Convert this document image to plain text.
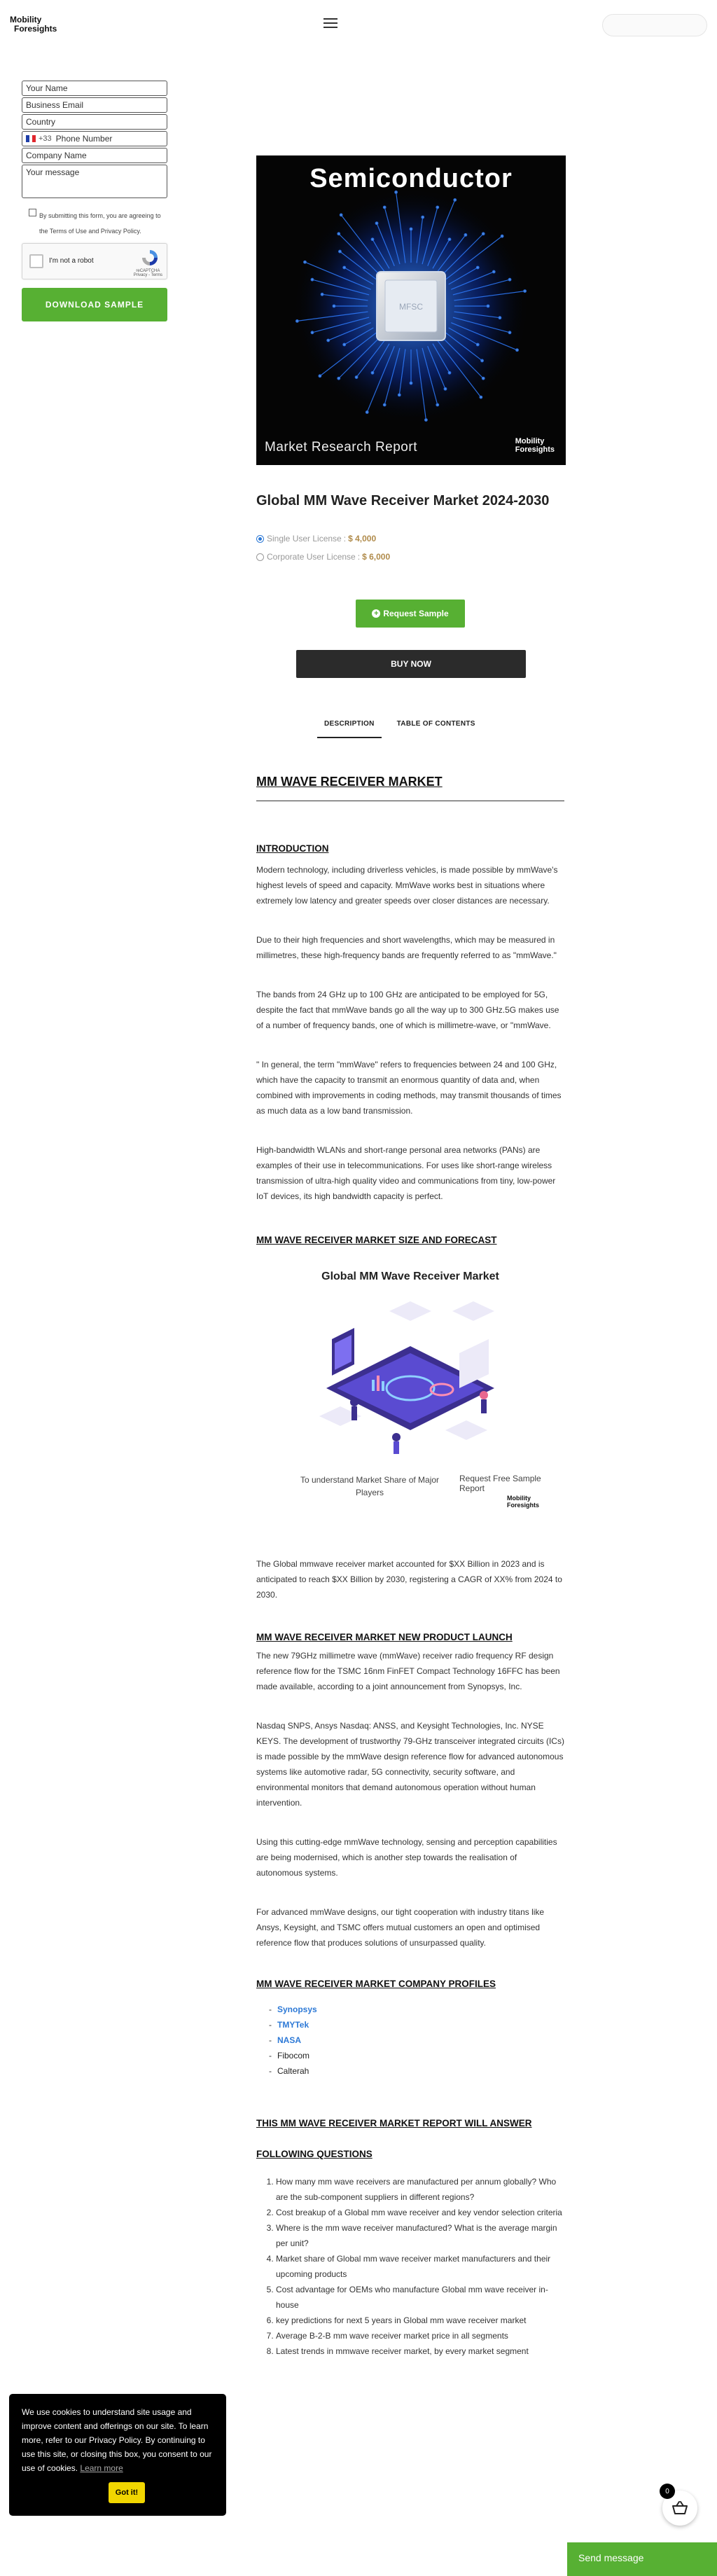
Mobility
Foresights
Your Name
Business Email
Country
+33 Phone Number
Company Name
Your message

By submitting this form, you are agreeing to the Terms of Use and Privacy Policy.

I'm not a robot
reCAPTCHA
Privacy - Terms
DOWNLOAD SAMPLE	MFSC
Semiconductor
Market Research Report	Mobility
Foresights
Global MM Wave Receiver Market 2024-2030
Single User License : $ 4,000
Corporate User License : $ 6,000
+ Request Sample
BUY NOW
DESCRIPTION	TABLE OF CONTENTS
MM WAVE RECEIVER MARKET
INTRODUCTION

Modern technology, including driverless vehicles, is made possible by mmWave's highest levels of speed and capacity. MmWave works best in situations where extremely low latency and greater speeds over closer distances are necessary.

Due to their high frequencies and short wavelengths, which may be measured in millimetres, these high-frequency bands are frequently referred to as "mmWave."

The bands from 24 GHz up to 100 GHz are anticipated to be employed for 5G, despite the fact that mmWave bands go all the way up to 300 GHz.5G makes use of a number of frequency bands, one of which is millimetre-wave, or "mmWave.

" In general, the term "mmWave" refers to frequencies between 24 and 100 GHz, which have the capacity to transmit an enormous quantity of data and, when combined with improvements in coding methods, may transmit thousands of times as much data as a low band transmission.

High-bandwidth WLANs and short-range personal area networks (PANs) are examples of their use in telecommunications. For uses like short-range wireless transmission of ultra-high quality video and communications from tiny, low-power IoT devices, its high bandwidth capacity is perfect.

MM WAVE RECEIVER MARKET SIZE AND FORECAST
Global MM Wave Receiver Market
To understand Market Share of Major Players
Request Free Sample Report
Mobility
Foresights

The Global mmwave receiver market accounted for $XX Billion in 2023 and is anticipated to reach $XX Billion by 2030, registering a CAGR of XX% from 2024 to 2030.

MM WAVE RECEIVER MARKET NEW PRODUCT LAUNCH

The new 79GHz millimetre wave (mmWave) receiver radio frequency RF design reference flow for the TSMC 16nm FinFET Compact Technology 16FFC has been made available, according to a joint announcement from Synopsys, Inc.

Nasdaq SNPS, Ansys Nasdaq: ANSS, and Keysight Technologies, Inc. NYSE KEYS. The development of trustworthy 79-GHz transceiver integrated circuits (ICs) is made possible by the mmWave design reference flow for advanced autonomous systems like automotive radar, 5G connectivity, security software, and environmental monitors that demand autonomous operation without human intervention.

Using this cutting-edge mmWave technology, sensing and perception capabilities are being modernised, which is another step towards the realisation of autonomous systems.

For advanced mmWave designs, our tight cooperation with industry titans like Ansys, Keysight, and TSMC offers mutual customers an open and optimised reference flow that produces solutions of unsurpassed quality.

MM WAVE RECEIVER MARKET COMPANY PROFILES
- Synopsys
- TMYTek
- NASA
- Fibocom
- Calterah
THIS MM WAVE RECEIVER MARKET REPORT WILL ANSWER
FOLLOWING QUESTIONS
1. How many mm wave receivers are manufactured per annum globally? Who are the sub-component suppliers in different regions?
2. Cost breakup of a Global mm wave receiver and key vendor selection criteria
3. Where is the mm wave receiver manufactured? What is the average margin per unit?
4. Market share of Global mm wave receiver market manufacturers and their upcoming products
5. Cost advantage for OEMs who manufacture Global mm wave receiver in-house
6. key predictions for next 5 years in Global mm wave receiver market
7. Average B-2-B mm wave receiver market price in all segments
8. Latest trends in mmwave receiver market, by every market segment

We use cookies to understand site usage and improve content and offerings on our site. To learn more, refer to our Privacy Policy. By continuing to use this site, or closing this box, you consent to our use of cookies. Learn more

Got it!	0
Send message
